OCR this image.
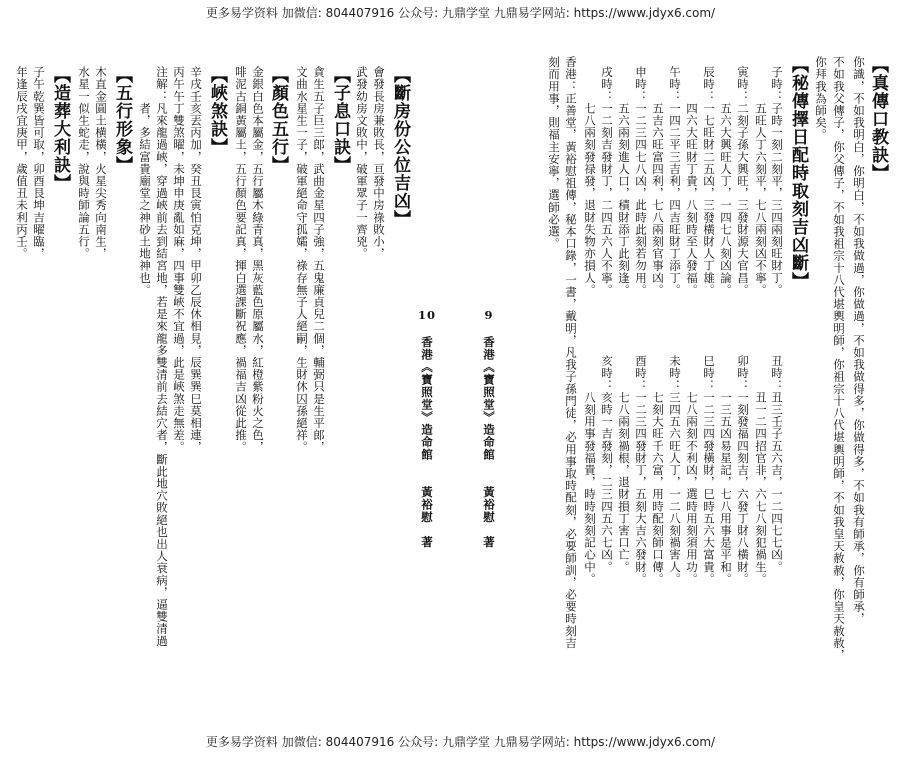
更多易学资料 加微信: 804407916 公众号: 九鼎学堂 九鼎易学网站: https://www.jdyx6.com/
更多易学资料 加微信: 804407916 公众号: 九鼎学堂 九鼎易学网站: https://www.jdyx6.com/
【真傳口教訣】
你識，不如我明白，你明白，不如我做過，你做過，不如我做得多，你做得多，不如我有師承，你有師承，
不如我父傳子，你父傳子，不如我祖宗十八代堪輿明師，你祖宗十八代堪輿明師，不如我皇天赦赦，你皇天赦赦，
你拜我為師矣。
【秘傳擇日配時取刻吉凶斷】
子時：子時一刻二刻平，三四兩刻旺財丁。
　　　五旺人丁六刻平，七八兩刻凶不寧。
寅時：二刻子孫大興旺，三發財源大官昌。
　　　五六大興旺人丁，一四七八刻凶論。
辰時：一七旺財二五凶，三發橫財人丁雄。
　　　四六大旺財丁貴，八刻時至人發福。
午時：一四二平三吉利，四吉旺財丁添丁。
　　　五吉六旺富四利，七八兩刻官事凶。
申時：一二三四七八凶，此時此刻若勿用。
　　　五六兩刻進人口，積財添丁此刻逢。
戌時：一二刻吉發財丁，二四五六人不寧。
　　　七八兩刻發禄發，退財失物亦損人。
丑時：丑三壬子五六吉，一二四七七凶。
　　　丑一二四招官非，六七八刻犯禍生。
卯時：一刻發福四刻吉，六發丁財八橫財。
　　　一三五凶易星記，七八用事是平和。
巳時：一二三四發橫財，巳時五六大富貴。
　　　七八兩刻不利凶，選時用刻須用功。
未時：三四五六旺人丁，一二八刻禍害人。
　　　七刻大旺千六富，用時配刻師口傳。
酉時：一二三四發財丁，五刻大吉六發財。
　　　七八兩刻禍根，退財損丁害口亡。
亥時：亥時一吉發刻，二三四五六七凶。
　　　八刻用事發福貴，時時刻刻記心中。
香港：正善堂，黃裕慰祖傳，秘本口錄，一書，戴明，凡我子孫門徒，必用事取時配刻，必要師訓，必要時刻吉
刻而用事，則福主安寧，選師必選。
9香港《寶照堂》造命館　　黃裕慰　著
10香港《寶照堂》造命館　　黃裕慰　著
【斷房份公位吉凶】
會發長房兼敗長，亘發中房祿敗小，
武發幼房文敗中，破軍眾子一齊兇。
【子息口訣】
貪生五子巨三郎，武曲金星四子強，五鬼廉貞兒二個，輔弼只是生平郎，
文曲水星生一子，破軍絕命守孤孀，祿存無子人絕嗣，生財休囚孫絕祥。
【顏色五行】
金銀白色本屬金，五行屬木綠青真，黑灰藍色原屬水，紅橙紫粉火之色，
啡泥古銅黃屬土，五行顏色要記真，揮白選課斷祝應，禍福吉凶從此推。
【峽煞訣】
辛戌壬亥丟丙加，癸丑艮寅怕克坤，甲卯乙辰休相見，辰巽巽巳莫相連，
丙午午丁雙煞曜，未坤申庚亂如麻，四事雙峽不宜過，此是峽煞走無差。
注解：凡來龍過峽，穿過峽前去到結宮地，若是來龍多雙清前去結穴者，斷此地穴敗絕也出人衰病，逼雙清過
　　　者，多結富貴廟堂之神砂土地神也。
【五行形象】
木直金圓土横橫，火星尖秀向南生，
水星一似生蛇走，說與時師論五行。
【造葬大利訣】
子午乾巽皆可取，卯酉艮坤吉曜臨，
年逢辰戌宜庚甲，歲值丑未利丙壬。
